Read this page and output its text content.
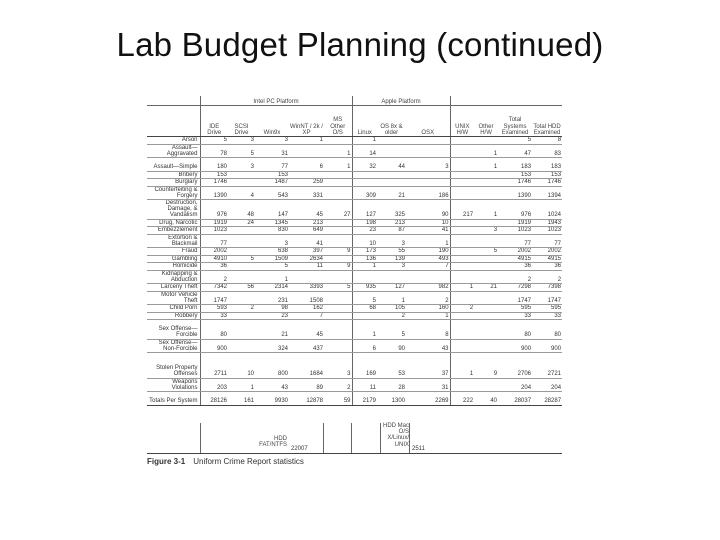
Lab Budget Planning (continued)
	Intel PC Platform					Apple Platform						
	IDE Drive	SCSI Drive	Win9x	WinNT / 2k / XP	MS Other O/S	Linux	OS 8x & older	OSX	UNIX H/W	Other H/W	Total Systems Examined	Total HDD Examined
Arson	5	3	3	1		1					5	8
Assault—Aggravated	78	5	31		1	14				1	47	83
Assault—Simple	180	3	77	6	1	32	44	3		1	183	183
Bribery	153		153								153	153
Burglary	1746		1487	259							1746	1746
Counterfeiting & Forgery	1390	4	543	331		309	21	186			1390	1394
Destruction, Damage, & Vandalism	976	48	147	45	27	127	325	90	217	1	976	1024
Drug, Narcotic	1919	24	1345	213		198	213	10			1919	1943
Embezzlement	1023		830	649		23	87	41		3	1023	1023
Extortion & Blackmail	77		3	41		10	3	1			77	77
Fraud	2002		638	397	9	173	55	190		5	2002	2002
Gambling	4910	5	1509	2634		136	139	493			4915	4915
Homicide	36		5	11	9	1	3	7			36	36
Kidnapping & Abduction	2		1								2	2
Larceny Theft	7342	56	2314	3393	5	935	127	982	1	21	7298	7398
Motor Vehicle Theft	1747		231	1508		5	1	2			1747	1747
Child Porn	593	2	98	162		68	105	160	2		595	595
Robbery	33		23	7			2	1			33	33
Sex Offense—Forcible	80		21	45		1	5	8			80	80
Sex Offense—Non-Forcible	900		324	437		6	90	43			900	900
Stolen Property Offenses	2711	10	800	1684	3	169	53	37	1	9	2706	2721
Weapons Violations	203	1	43	89	2	11	28	31			204	204
Totals Per System	28126	161	9930	12878	59	2179	1300	2269	222	40	28037	28287
HDD FAT/NTFS
22007
HDD Mac O/S X/Linux/ UNIX
2511
Figure 3-1 Uniform Crime Report statistics
